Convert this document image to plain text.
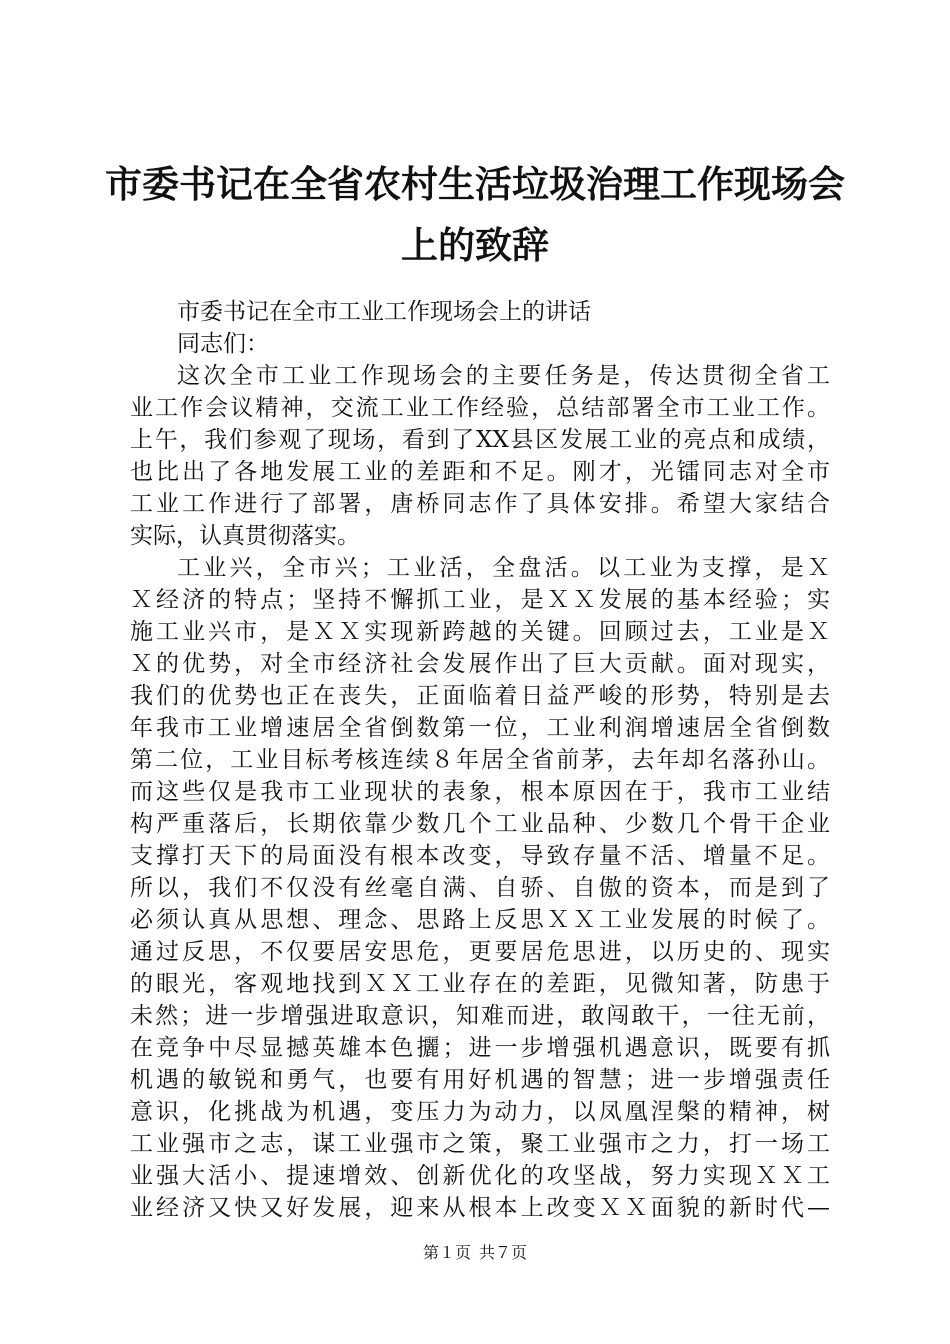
市委书记在全省农村生活垃圾治理工作现场会
上的致辞
市委书记在全市工业工作现场会上的讲话
同志们：
这次全市工业工作现场会的主要任务是，传达贯彻全省工
业工作会议精神，交流工业工作经验，总结部署全市工业工作。
上午，我们参观了现场，看到了XX县区发展工业的亮点和成绩，
也比出了各地发展工业的差距和不足。刚才，光镭同志对全市
工业工作进行了部署，唐桥同志作了具体安排。希望大家结合
实际，认真贯彻落实。
工业兴，全市兴；工业活，全盘活。以工业为支撑，是Ｘ
Ｘ经济的特点；坚持不懈抓工业，是ＸＸ发展的基本经验；实
施工业兴市，是ＸＸ实现新跨越的关键。回顾过去，工业是Ｘ
Ｘ的优势，对全市经济社会发展作出了巨大贡献。面对现实，
我们的优势也正在丧失，正面临着日益严峻的形势，特别是去
年我市工业增速居全省倒数第一位，工业利润增速居全省倒数
第二位，工业目标考核连续８年居全省前茅，去年却名落孙山。
而这些仅是我市工业现状的表象，根本原因在于，我市工业结
构严重落后，长期依靠少数几个工业品种、少数几个骨干企业
支撑打天下的局面没有根本改变，导致存量不活、增量不足。
所以，我们不仅没有丝毫自满、自骄、自傲的资本，而是到了
必须认真从思想、理念、思路上反思ＸＸ工业发展的时候了。
通过反思，不仅要居安思危，更要居危思进，以历史的、现实
的眼光，客观地找到ＸＸ工业存在的差距，见微知著，防患于
未然；进一步增强进取意识，知难而进，敢闯敢干，一往无前，
在竞争中尽显撼英雄本色攦；进一步增强机遇意识，既要有抓
机遇的敏锐和勇气，也要有用好机遇的智慧；进一步增强责任
意识，化挑战为机遇，变压力为动力，以凤凰涅槃的精神，树
工业强市之志，谋工业强市之策，聚工业强市之力，打一场工
业强大活小、提速增效、创新优化的攻坚战，努力实现ＸＸ工
业经济又快又好发展，迎来从根本上改变ＸＸ面貌的新时代—
第１页 共７页
